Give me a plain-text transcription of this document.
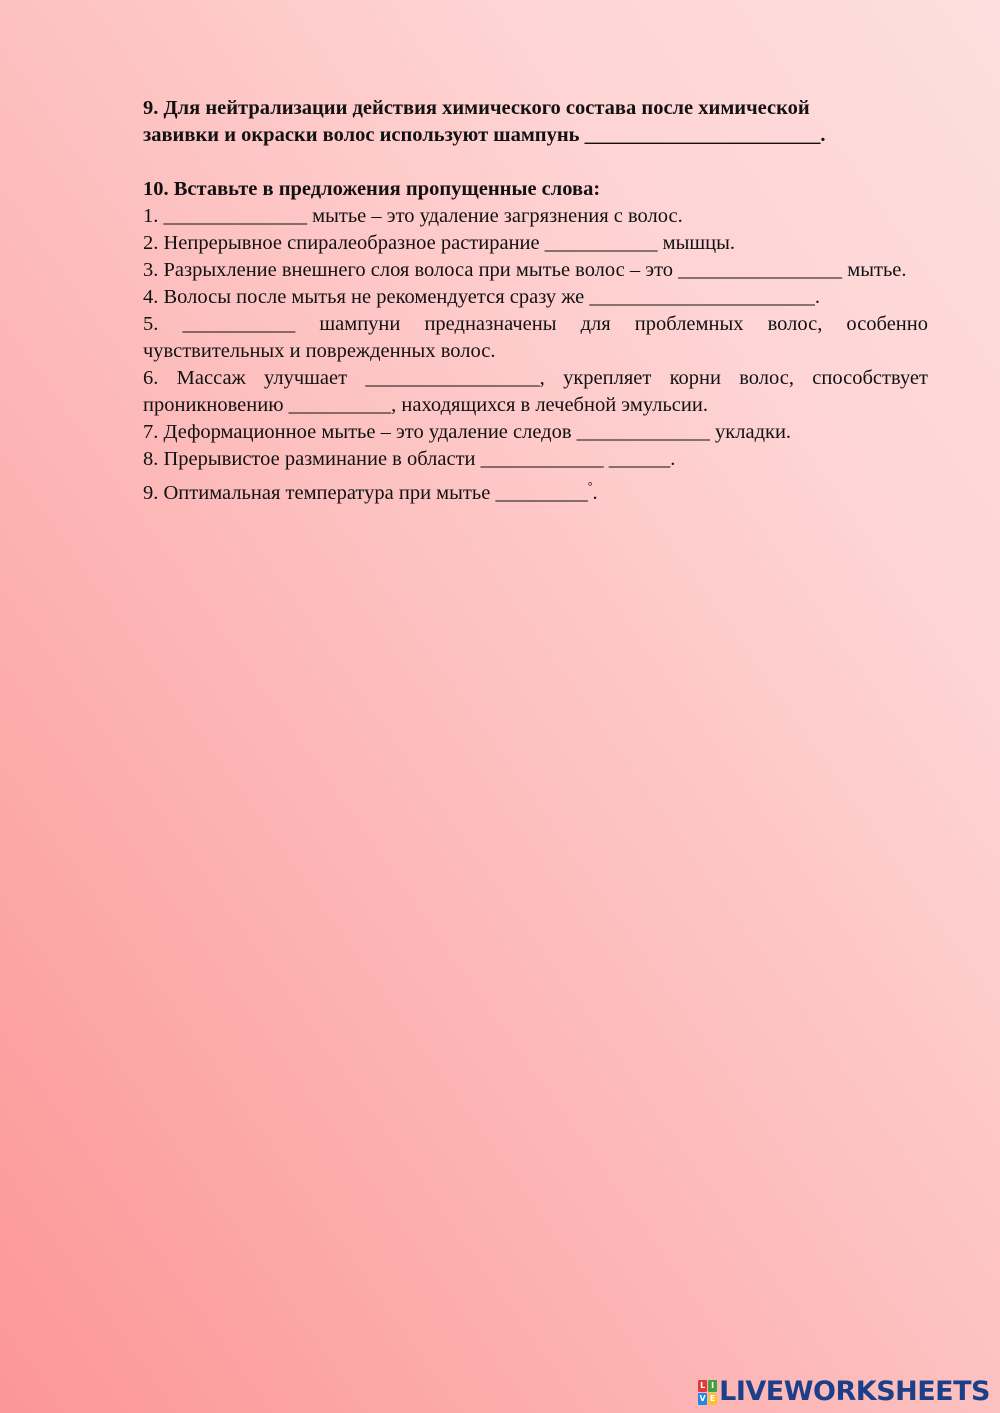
9. Для нейтрализации действия химического состава после химической

завивки и окраски волос используют шампунь _______________________.

10. Вставьте в предложения пропущенные слова:

1. ______________ мытье – это удаление загрязнения с волос.

2. Непрерывное спиралеобразное растирание ___________ мышцы.

3. Разрыхление внешнего слоя волоса при мытье волос – это ________________ мытье.

4. Волосы после мытья не рекомендуется сразу же ______________________.

5. ___________ шампуни предназначены для проблемных волос, особенно чувствительных и поврежденных волос.

6. Массаж улучшает _________________, укрепляет корни волос, способствует проникновению __________, находящихся в лечебной эмульсии.

7. Деформационное мытье – это удаление следов _____________ укладки.

8. Прерывистое разминание в области ____________ ______.

9. Оптимальная температура при мытье _________°.

L I
V E LIVEWORKSHEETS
